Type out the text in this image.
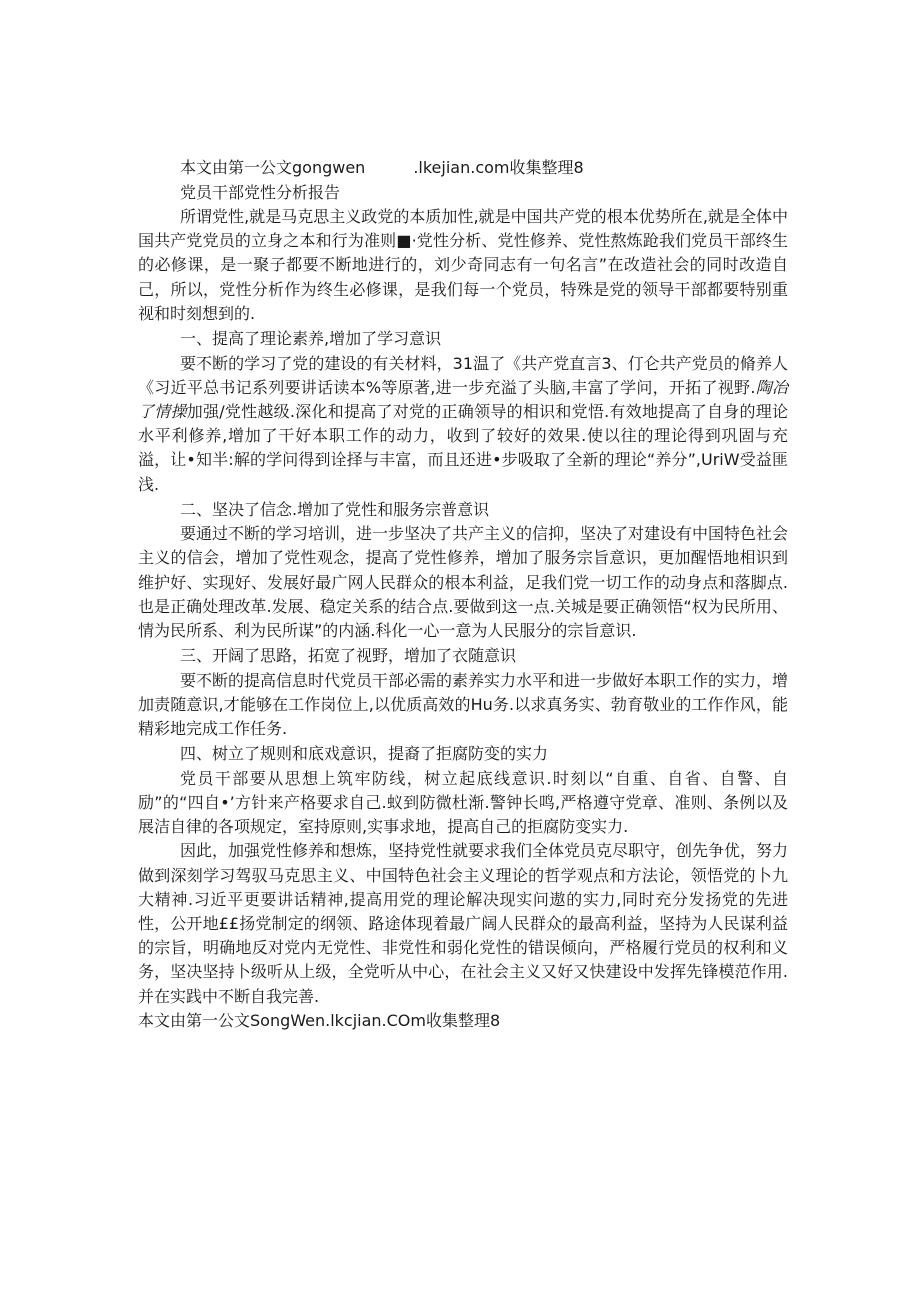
本文由第一公文gongwen	.lkejian.com收集整理8
党员干部党性分析报告

所谓党性,就是马克思主义政党的本质加性,就是中国共产党的根本优势所在,就是全体中国共产党党员的立身之本和行为准则■·党性分析、党性修养、党性熬炼跄我们党员干部终生的必修课，是一聚子都要不断地进行的，刘少奇同志有一句名言”在改造社会的同时改造自己，所以，党性分析作为终生必修课，是我们每一个党员，特殊是党的领导干部都要特别重视和时刻想到的.

一、提高了理论素养,增加了学习意识

要不断的学习了党的建设的有关材料，31温了《共产党直言3、仃仑共产党员的脩养人《习近平总书记系列要讲话读本%等原著,进一步充溢了头脑,丰富了学问，开拓了视野.陶冶了情操加强/党性越级.深化和提高了对党的正确领导的相识和党悟.有效地提高了自身的理论水平利修养,增加了干好本职工作的动力，收到了较好的效果.使以往的理论得到巩固与充溢，让•知半:解的学问得到诠择与丰富，而且还进•步吸取了全新的理论“养分”,UriW受益匪浅.

二、坚决了信念.增加了党性和服务宗普意识

要通过不断的学习培训，进一步坚决了共产主义的信抑，坚决了对建设有中国特色社会主义的信会，增加了党性观念，提高了党性修养，增加了服务宗旨意识，更加醒悟地相识到维护好、实现好、发展好最广网人民群众的根本利益，足我们党一切工作的动身点和落脚点.也是正确处理改革.发展、稳定关系的结合点.要做到这一点.关城是要正确领悟“权为民所用、情为民所系、利为民所谋”的内涵.科化一心一意为人民服分的宗旨意识.

三、开阔了思路，拓宽了视野，增加了衣随意识

要不断的提高信息时代党员干部必需的素养实力水平和进一步做好本职工作的实力，增加责随意识,才能够在工作岗位上,以优质高效的Hu务.以求真务实、勃育敬业的工作作风，能精彩地完成工作任务.

四、树立了规则和底戏意识，提裔了拒腐防变的实力

党员干部要从思想上筑牢防线，树立起底线意识.时刻以“自重、自省、自警、自励”的“四自•’方针来产格要求自己.蚁到防微杜渐.警钟长鸣,严格遵守党章、准则、条例以及展洁自律的各项规定，室持原则,实事求地，提高自己的拒腐防变实力.

因此，加强党性修养和想炼，坚持党性就要求我们全体党员克尽职守，创先争优，努力做到深刻学习驾驭马克思主义、中国特色社会主义理论的哲学观点和方法论，领悟党的卜九大精神.习近平更要讲话精神,提高用党的理论解决现实问遨的实力,同时充分发扬党的先进性，公开地££扬党制定的纲领、路途体现着最广阔人民群众的最高利益，坚持为人民谋利益的宗旨，明确地反对党内无党性、非党性和弱化党性的错误倾向，严格履行党员的权利和义务，坚决坚持卜级听从上级，全党听从中心，在社会主义又好又快建设中发挥先锋模范作用.并在实践中不断自我完善.

本文由第一公文SongWen.lkcjian.COm收集整理8
